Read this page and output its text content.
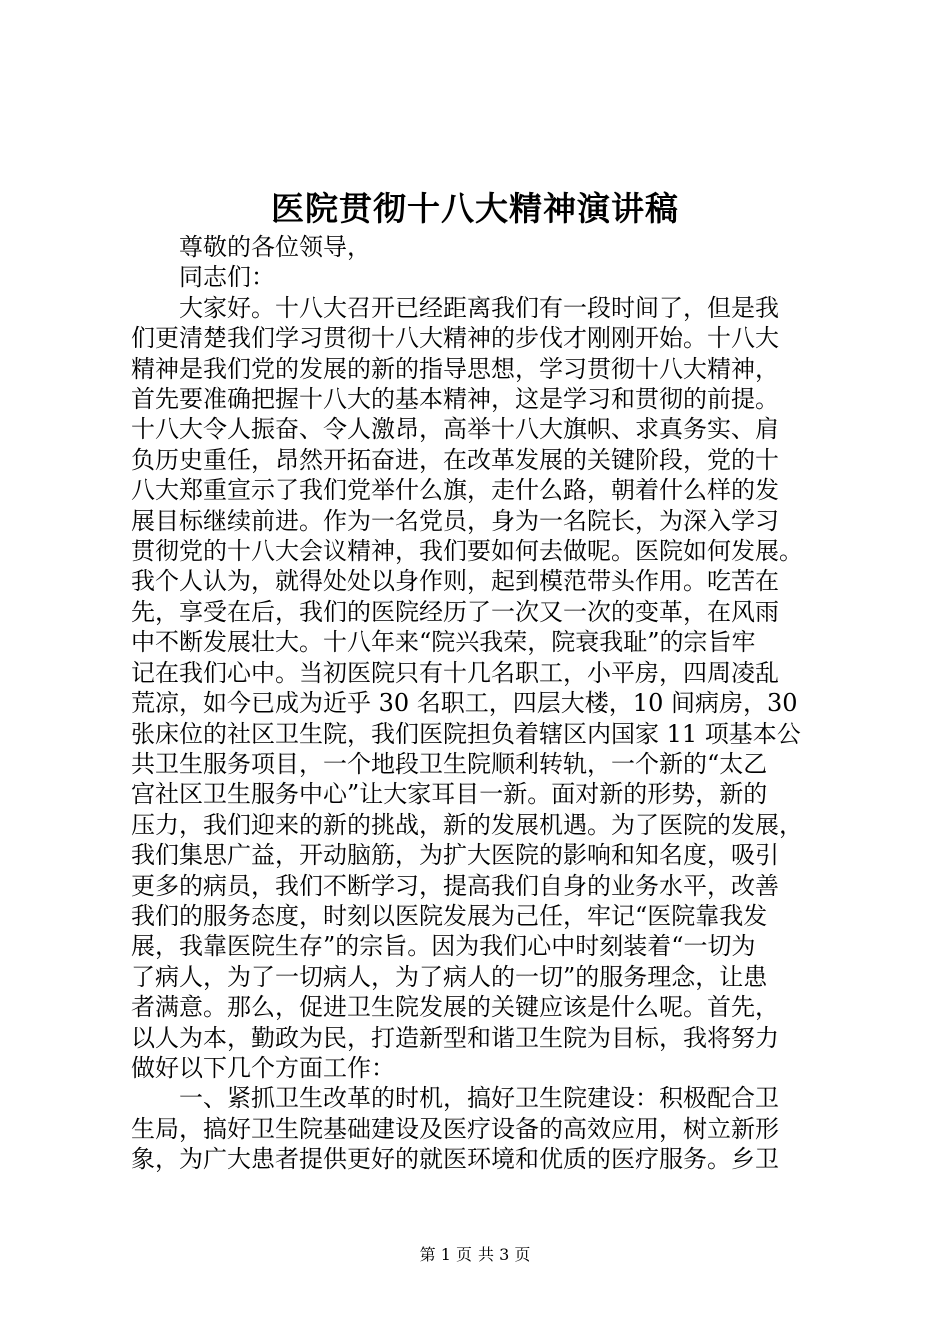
医院贯彻十八大精神演讲稿

尊敬的各位领导，

同志们：

大家好。十八大召开已经距离我们有一段时间了，但是我

们更清楚我们学习贯彻十八大精神的步伐才刚刚开始。十八大

精神是我们党的发展的新的指导思想，学习贯彻十八大精神，

首先要准确把握十八大的基本精神，这是学习和贯彻的前提。

十八大令人振奋、令人激昂，高举十八大旗帜、求真务实、肩

负历史重任，昂然开拓奋进，在改革发展的关键阶段，党的十

八大郑重宣示了我们党举什么旗，走什么路，朝着什么样的发

展目标继续前进。作为一名党员，身为一名院长，为深入学习

贯彻党的十八大会议精神，我们要如何去做呢。医院如何发展。

我个人认为，就得处处以身作则，起到模范带头作用。吃苦在

先，享受在后，我们的医院经历了一次又一次的变革，在风雨

中不断发展壮大。十八年来“院兴我荣，院衰我耻”的宗旨牢

记在我们心中。当初医院只有十几名职工，小平房，四周凌乱

荒凉，如今已成为近乎 30 名职工，四层大楼，10 间病房，30

张床位的社区卫生院，我们医院担负着辖区内国家 11 项基本公

共卫生服务项目，一个地段卫生院顺利转轨，一个新的“太乙

宫社区卫生服务中心”让大家耳目一新。面对新的形势，新的

压力，我们迎来的新的挑战，新的发展机遇。为了医院的发展，

我们集思广益，开动脑筋，为扩大医院的影响和知名度，吸引

更多的病员，我们不断学习，提高我们自身的业务水平，改善

我们的服务态度，时刻以医院发展为己任，牢记“医院靠我发

展，我靠医院生存”的宗旨。因为我们心中时刻装着“一切为

了病人，为了一切病人，为了病人的一切”的服务理念，让患

者满意。那么，促进卫生院发展的关键应该是什么呢。首先，

以人为本，勤政为民，打造新型和谐卫生院为目标，我将努力

做好以下几个方面工作：

一、紧抓卫生改革的时机，搞好卫生院建设：积极配合卫

生局，搞好卫生院基础建设及医疗设备的高效应用，树立新形

象，为广大患者提供更好的就医环境和优质的医疗服务。乡卫

第 1 页 共 3 页
